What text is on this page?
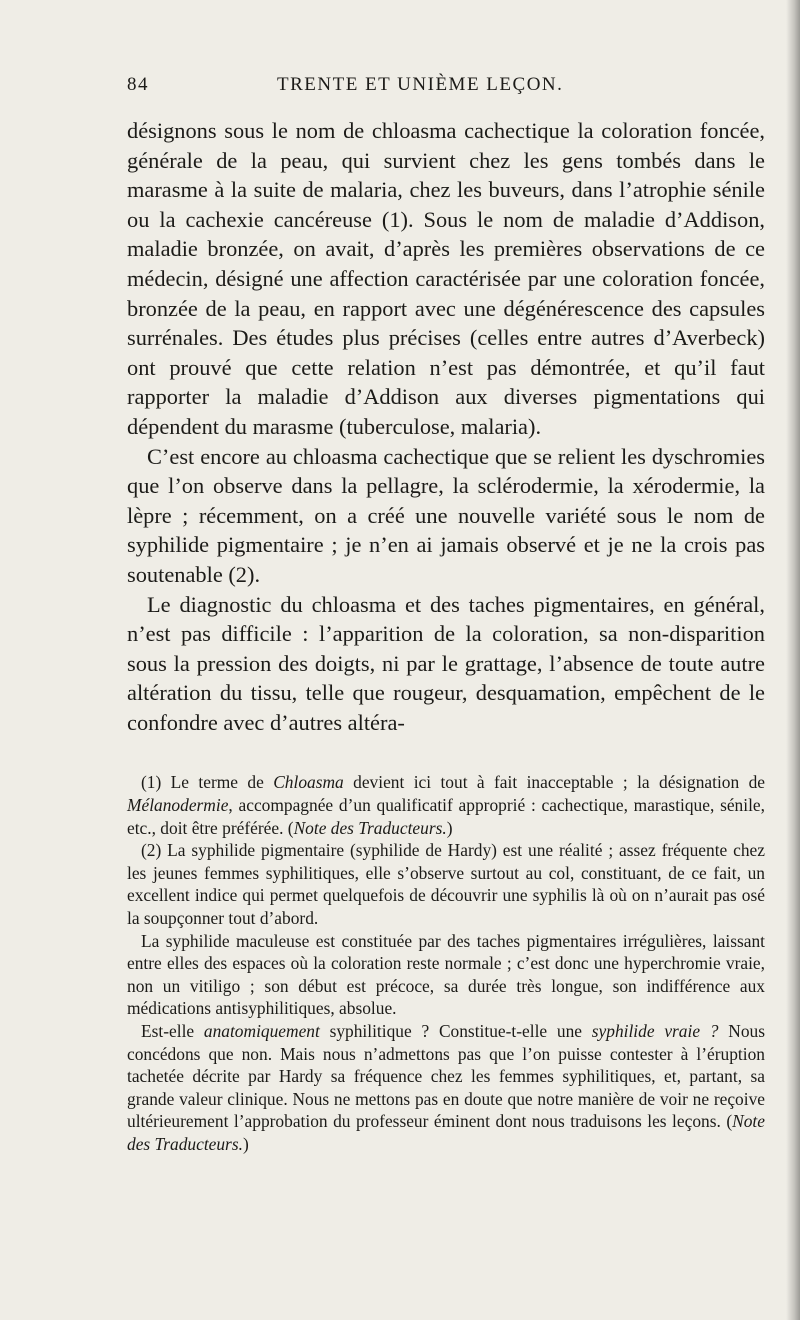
84	TRENTE ET UNIÈME LEÇON.

désignons sous le nom de chloasma cachectique la coloration foncée, générale de la peau, qui survient chez les gens tombés dans le marasme à la suite de malaria, chez les buveurs, dans l’atrophie sénile ou la cachexie cancéreuse (1). Sous le nom de maladie d’Addison, maladie bronzée, on avait, d’après les premières observations de ce médecin, désigné une affection caractérisée par une coloration foncée, bronzée de la peau, en rapport avec une dégénérescence des capsules surrénales. Des études plus précises (celles entre autres d’Averbeck) ont prouvé que cette relation n’est pas démontrée, et qu’il faut rapporter la maladie d’Addison aux diverses pigmentations qui dépendent du marasme (tuberculose, malaria).

C’est encore au chloasma cachectique que se relient les dyschromies que l’on observe dans la pellagre, la sclérodermie, la xérodermie, la lèpre ; récemment, on a créé une nouvelle variété sous le nom de syphilide pigmentaire ; je n’en ai jamais observé et je ne la crois pas soutenable (2).

Le diagnostic du chloasma et des taches pigmentaires, en général, n’est pas difficile : l’apparition de la coloration, sa non-disparition sous la pression des doigts, ni par le grattage, l’absence de toute autre altération du tissu, telle que rougeur, desquamation, empêchent de le confondre avec d’autres altéra-

(1) Le terme de Chloasma devient ici tout à fait inacceptable ; la désignation de Mélanodermie, accompagnée d’un qualificatif approprié : cachectique, marastique, sénile, etc., doit être préférée. (Note des Traducteurs.)

(2) La syphilide pigmentaire (syphilide de Hardy) est une réalité ; assez fréquente chez les jeunes femmes syphilitiques, elle s’observe surtout au col, constituant, de ce fait, un excellent indice qui permet quelquefois de découvrir une syphilis là où on n’aurait pas osé la soupçonner tout d’abord.

La syphilide maculeuse est constituée par des taches pigmentaires irrégulières, laissant entre elles des espaces où la coloration reste normale ; c’est donc une hyperchromie vraie, non un vitiligo ; son début est précoce, sa durée très longue, son indifférence aux médications antisyphilitiques, absolue.

Est-elle anatomiquement syphilitique ? Constitue-t-elle une syphilide vraie ? Nous concédons que non. Mais nous n’admettons pas que l’on puisse contester à l’éruption tachetée décrite par Hardy sa fréquence chez les femmes syphilitiques, et, partant, sa grande valeur clinique. Nous ne mettons pas en doute que notre manière de voir ne reçoive ultérieurement l’approbation du professeur éminent dont nous traduisons les leçons. (Note des Traducteurs.)
